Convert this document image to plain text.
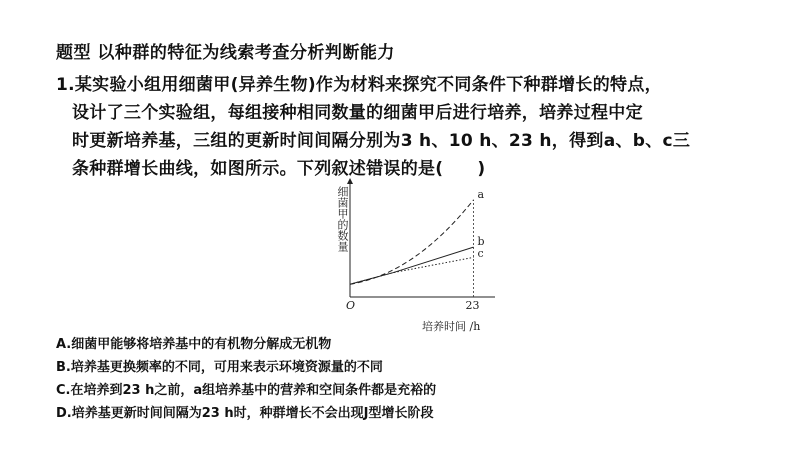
题型 以种群的特征为线索考查分析判断能力
1.某实验小组用细菌甲(异养生物)作为材料来探究不同条件下种群增长的特点，
设计了三个实验组，每组接种相同数量的细菌甲后进行培养，培养过程中定
时更新培养基，三组的更新时间间隔分别为3 h、10 h、23 h，得到a、b、c三
条种群增长曲线，如图所示。下列叙述错误的是( )
细菌甲的数量
O	23
培养时间 /h
a
b
c
A.细菌甲能够将培养基中的有机物分解成无机物
B.培养基更换频率的不同，可用来表示环境资源量的不同
C.在培养到23 h之前，a组培养基中的营养和空间条件都是充裕的
D.培养基更新时间间隔为23 h时，种群增长不会出现J型增长阶段
